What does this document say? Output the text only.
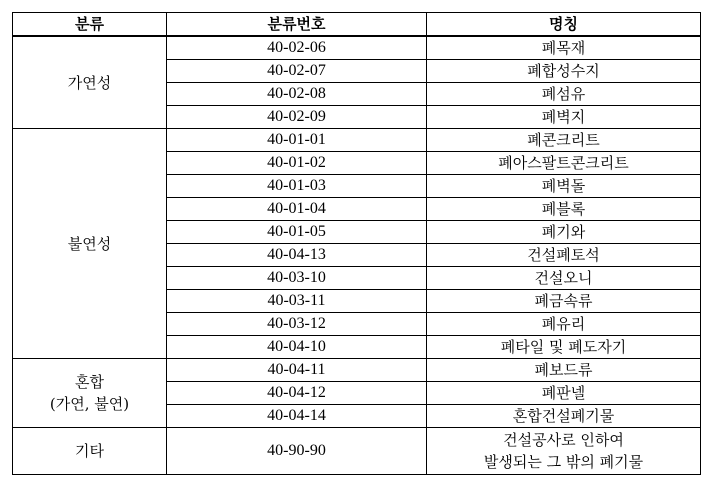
분류	분류번호	명칭

가연성	40-02-06	폐목재
	40-02-07	폐합성수지
	40-02-08	폐섬유
	40-02-09	폐벽지

불연성	40-01-01	폐콘크리트
	40-01-02	폐아스팔트콘크리트
	40-01-03	폐벽돌
	40-01-04	폐블록
	40-01-05	폐기와
	40-04-13	건설폐토석
	40-03-10	건설오니
	40-03-11	폐금속류
	40-03-12	폐유리
	40-04-10	폐타일 및 폐도자기

혼합
(가연, 불연)	40-04-11	폐보드류
	40-04-12	폐판넬
	40-04-14	혼합건설폐기물

기타	40-90-90	건설공사로 인하여
발생되는 그 밖의 폐기물
